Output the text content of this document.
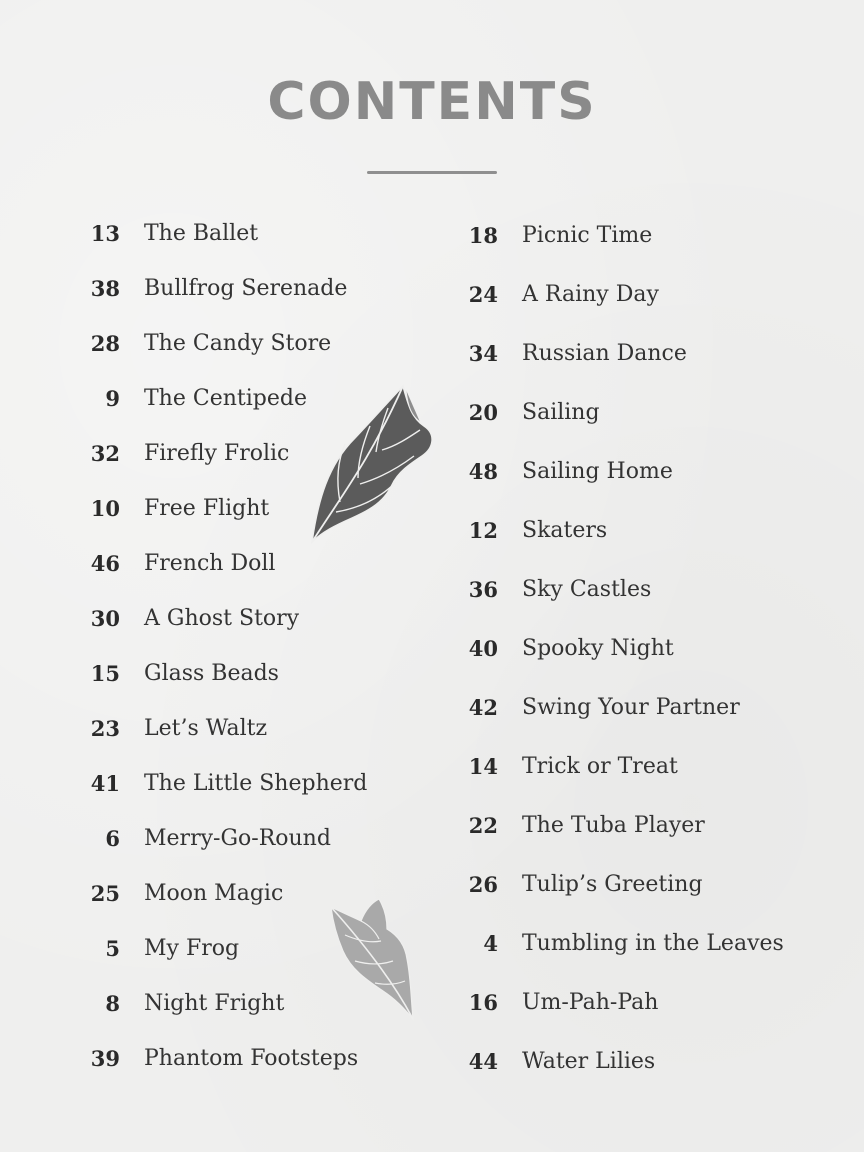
CONTENTS
13 The Ballet
38 Bullfrog Serenade
28 The Candy Store
9 The Centipede
32 Firefly Frolic
10 Free Flight
46 French Doll
30 A Ghost Story
15 Glass Beads
23 Let’s Waltz
41 The Little Shepherd
6 Merry-Go-Round
25 Moon Magic
5 My Frog
8 Night Fright
39 Phantom Footsteps
18 Picnic Time
24 A Rainy Day
34 Russian Dance
20 Sailing
48 Sailing Home
12 Skaters
36 Sky Castles
40 Spooky Night
42 Swing Your Partner
14 Trick or Treat
22 The Tuba Player
26 Tulip’s Greeting
4 Tumbling in the Leaves
16 Um-Pah-Pah
44 Water Lilies
